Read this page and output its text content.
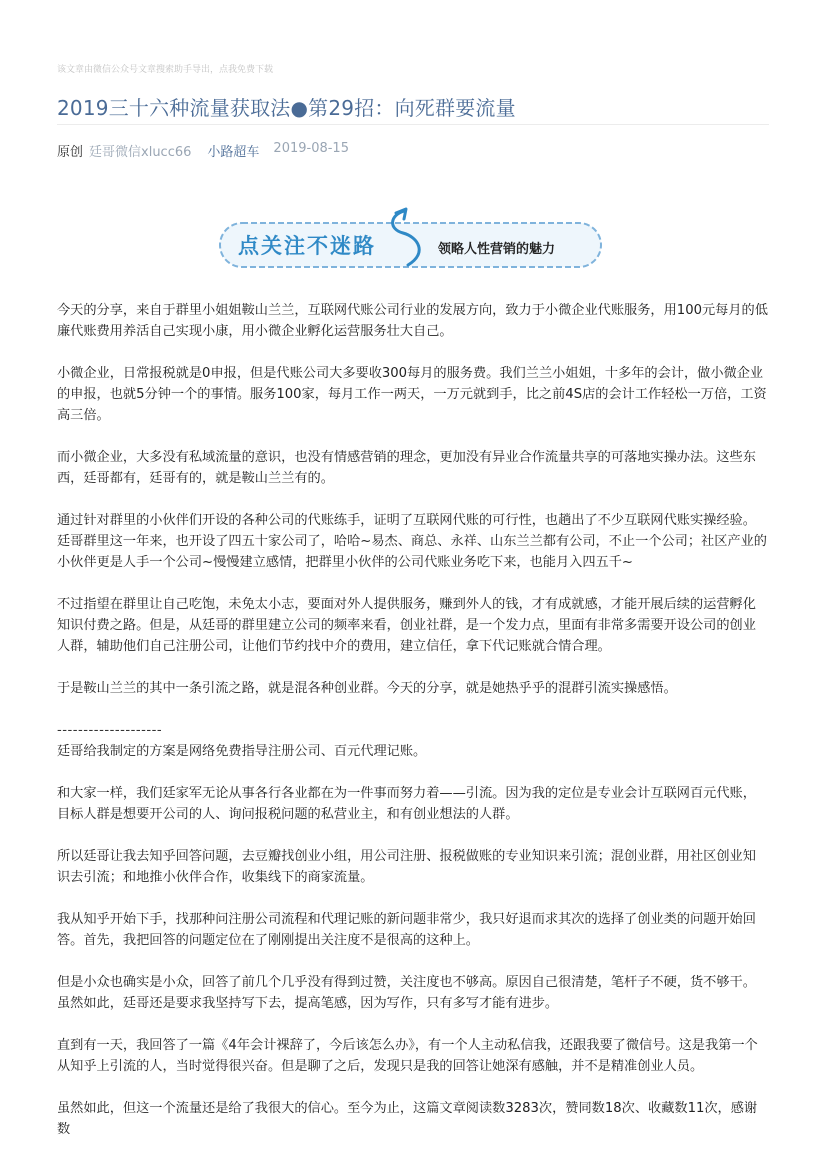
该文章由微信公众号文章搜索助手导出，点我免费下载
2019三十六种流量获取法●第29招：向死群要流量
原创 廷哥微信xlucc66 小路超车 2019-08-15
点关注不迷路	领略人性营销的魅力

今天的分享，来自于群里小姐姐鞍山兰兰，互联网代账公司行业的发展方向，致力于小微企业代账服务，用100元每月的低廉代账费用养活自己实现小康，用小微企业孵化运营服务壮大自己。

小微企业，日常报税就是0申报，但是代账公司大多要收300每月的服务费。我们兰兰小姐姐，十多年的会计，做小微企业的申报，也就5分钟一个的事情。服务100家，每月工作一两天，一万元就到手，比之前4S店的会计工作轻松一万倍，工资高三倍。

而小微企业，大多没有私域流量的意识，也没有情感营销的理念，更加没有异业合作流量共享的可落地实操办法。这些东西，廷哥都有，廷哥有的，就是鞍山兰兰有的。

通过针对群里的小伙伴们开设的各种公司的代账练手，证明了互联网代账的可行性，也趟出了不少互联网代账实操经验。廷哥群里这一年来，也开设了四五十家公司了，哈哈~易杰、商总、永祥、山东兰兰都有公司，不止一个公司；社区产业的小伙伴更是人手一个公司~慢慢建立感情，把群里小伙伴的公司代账业务吃下来，也能月入四五千~

不过指望在群里让自己吃饱，未免太小志，要面对外人提供服务，赚到外人的钱，才有成就感，才能开展后续的运营孵化知识付费之路。但是，从廷哥的群里建立公司的频率来看，创业社群，是一个发力点，里面有非常多需要开设公司的创业人群，辅助他们自己注册公司，让他们节约找中介的费用，建立信任，拿下代记账就合情合理。

于是鞍山兰兰的其中一条引流之路，就是混各种创业群。今天的分享，就是她热乎乎的混群引流实操感悟。

--------------------

廷哥给我制定的方案是网络免费指导注册公司、百元代理记账。

和大家一样，我们廷家军无论从事各行各业都在为一件事而努力着——引流。因为我的定位是专业会计互联网百元代账，目标人群是想要开公司的人、询问报税问题的私营业主，和有创业想法的人群。

所以廷哥让我去知乎回答问题，去豆瓣找创业小组，用公司注册、报税做账的专业知识来引流；混创业群，用社区创业知识去引流；和地推小伙伴合作，收集线下的商家流量。

我从知乎开始下手，找那种问注册公司流程和代理记账的新问题非常少，我只好退而求其次的选择了创业类的问题开始回答。首先，我把回答的问题定位在了刚刚提出关注度不是很高的这种上。

但是小众也确实是小众，回答了前几个几乎没有得到过赞，关注度也不够高。原因自己很清楚，笔杆子不硬，货不够干。虽然如此，廷哥还是要求我坚持写下去，提高笔感，因为写作，只有多写才能有进步。

直到有一天，我回答了一篇《4年会计裸辞了，今后该怎么办》，有一个人主动私信我，还跟我要了微信号。这是我第一个从知乎上引流的人，当时觉得很兴奋。但是聊了之后，发现只是我的回答让她深有感触，并不是精准创业人员。

虽然如此，但这一个流量还是给了我很大的信心。至今为止，这篇文章阅读数3283次，赞同数18次、收藏数11次，感谢数
